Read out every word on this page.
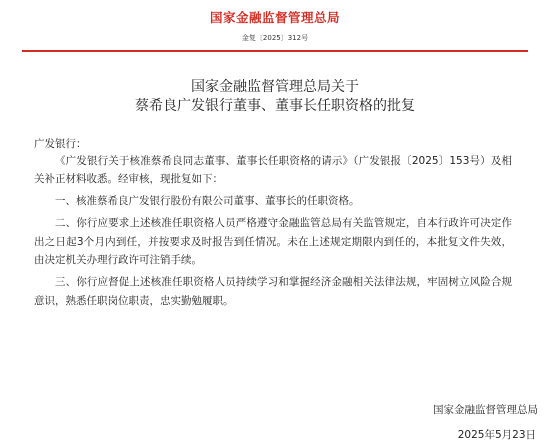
国家金融监督管理总局
金复〔2025〕312号
国家金融监督管理总局关于
蔡希良广发银行董事、董事长任职资格的批复
广发银行：

《广发银行关于核准蔡希良同志董事、董事长任职资格的请示》（广发银报〔2025〕153号）及相关补正材料收悉。经审核，现批复如下：

一、核准蔡希良广发银行股份有限公司董事、董事长的任职资格。

二、你行应要求上述核准任职资格人员严格遵守金融监管总局有关监管规定，自本行政许可决定作出之日起3个月内到任，并按要求及时报告到任情况。未在上述规定期限内到任的，本批复文件失效，由决定机关办理行政许可注销手续。

三、你行应督促上述核准任职资格人员持续学习和掌握经济金融相关法律法规，牢固树立风险合规意识，熟悉任职岗位职责，忠实勤勉履职。

国家金融监督管理总局
2025年5月23日
